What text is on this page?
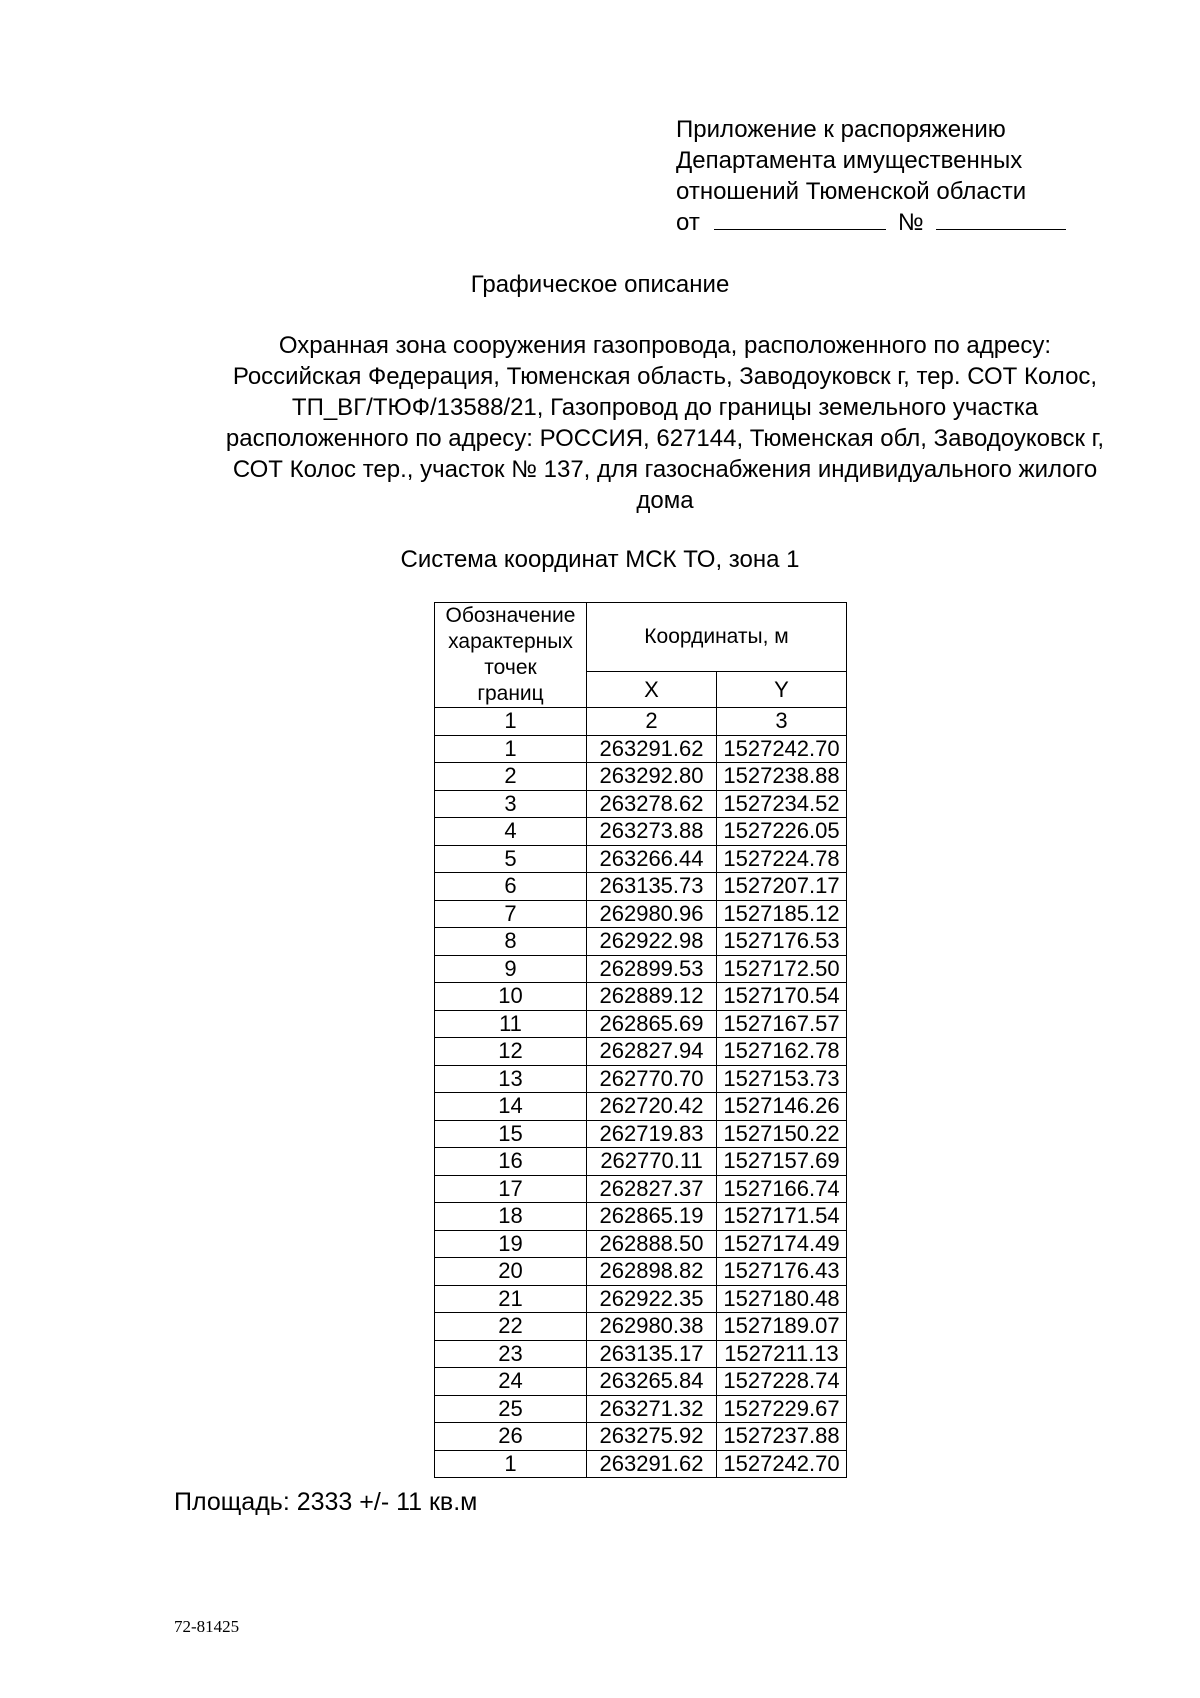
Приложение к распоряжению
Департамента имущественных
отношений Тюменской области
от	№
Графическое описание
Охранная зона сооружения газопровода, расположенного по адресу:
Российская Федерация, Тюменская область, Заводоуковск г, тер. СОТ Колос,
ТП_ВГ/ТЮФ/13588/21, Газопровод до границы земельного участка
расположенного по адресу: РОССИЯ, 627144, Тюменская обл, Заводоуковск г,
СОТ Колос тер., участок № 137, для газоснабжения индивидуального жилого
дома
Система координат МСК ТО, зона 1
Обозначение
характерных
точек
границ	Координаты, м	
	X	Y
1	2	3
1	263291.62	1527242.70
2	263292.80	1527238.88
3	263278.62	1527234.52
4	263273.88	1527226.05
5	263266.44	1527224.78
6	263135.73	1527207.17
7	262980.96	1527185.12
8	262922.98	1527176.53
9	262899.53	1527172.50
10	262889.12	1527170.54
11	262865.69	1527167.57
12	262827.94	1527162.78
13	262770.70	1527153.73
14	262720.42	1527146.26
15	262719.83	1527150.22
16	262770.11	1527157.69
17	262827.37	1527166.74
18	262865.19	1527171.54
19	262888.50	1527174.49
20	262898.82	1527176.43
21	262922.35	1527180.48
22	262980.38	1527189.07
23	263135.17	1527211.13
24	263265.84	1527228.74
25	263271.32	1527229.67
26	263275.92	1527237.88
1	263291.62	1527242.70
Площадь: 2333 +/- 11 кв.м
72-81425
